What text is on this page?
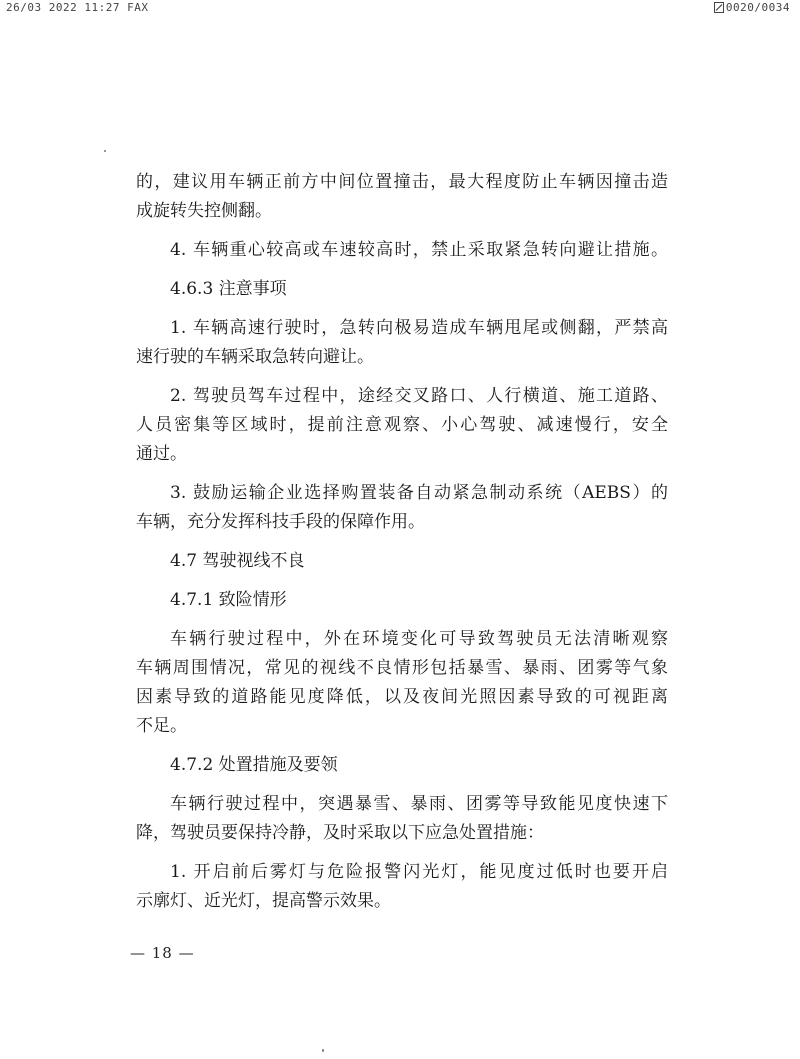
26/03 2022 11:27 FAX	0020/0034
的，建议用车辆正前方中间位置撞击，最大程度防止车辆因撞击造
成旋转失控侧翻。
4. 车辆重心较高或车速较高时，禁止采取紧急转向避让措施。
4.6.3 注意事项
1. 车辆高速行驶时，急转向极易造成车辆甩尾或侧翻，严禁高
速行驶的车辆采取急转向避让。
2. 驾驶员驾车过程中，途经交叉路口、人行横道、施工道路、
人员密集等区域时，提前注意观察、小心驾驶、减速慢行，安全
通过。
3. 鼓励运输企业选择购置装备自动紧急制动系统（AEBS）的
车辆，充分发挥科技手段的保障作用。
4.7 驾驶视线不良
4.7.1 致险情形
车辆行驶过程中，外在环境变化可导致驾驶员无法清晰观察
车辆周围情况，常见的视线不良情形包括暴雪、暴雨、团雾等气象
因素导致的道路能见度降低，以及夜间光照因素导致的可视距离
不足。
4.7.2 处置措施及要领
车辆行驶过程中，突遇暴雪、暴雨、团雾等导致能见度快速下
降，驾驶员要保持冷静，及时采取以下应急处置措施：
1. 开启前后雾灯与危险报警闪光灯，能见度过低时也要开启
示廓灯、近光灯，提高警示效果。
— 18 —
